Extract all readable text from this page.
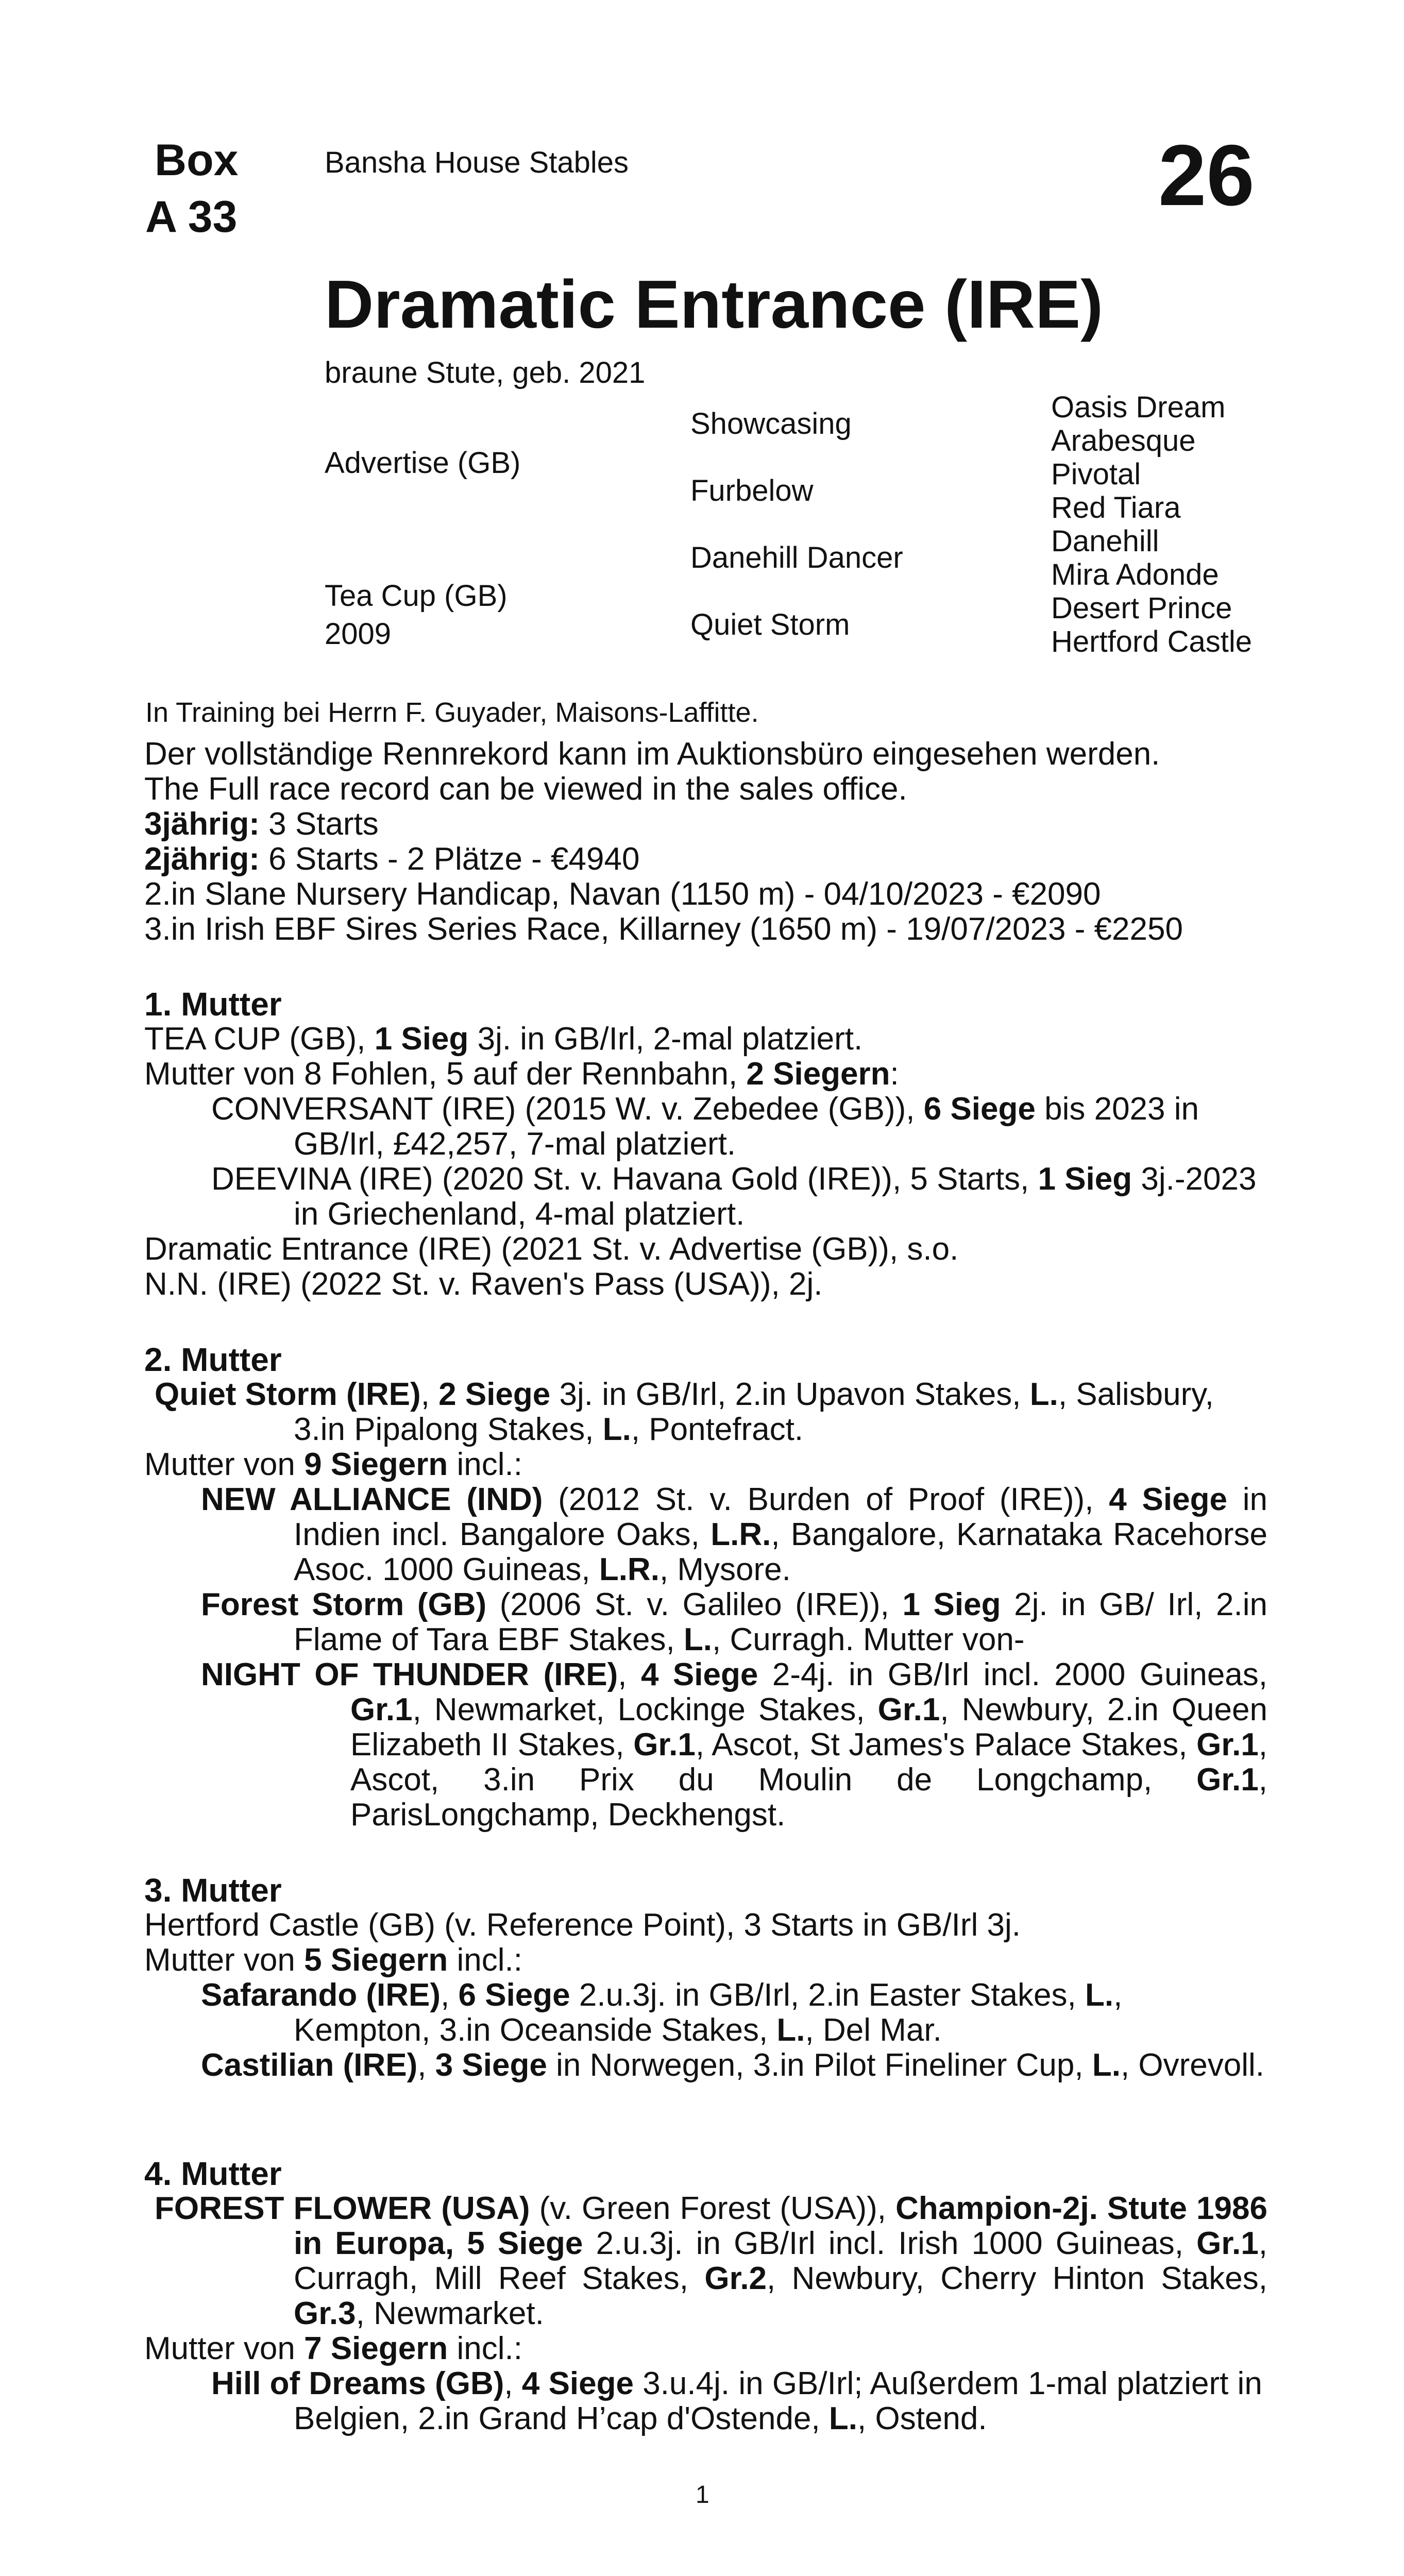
Box
A 33
Bansha House Stables	26
Dramatic Entrance (IRE)
braune Stute, geb. 2021
Advertise (GB)
Tea Cup (GB)
2009
Showcasing
Furbelow
Danehill Dancer
Quiet Storm
Oasis Dream
Arabesque
Pivotal
Red Tiara
Danehill
Mira Adonde
Desert Prince
Hertford Castle
In Training bei Herrn F. Guyader, Maisons-Laffitte.

Der vollständige Rennrekord kann im Auktionsbüro eingesehen werden.

The Full race record can be viewed in the sales office.

3jährig: 3 Starts

2jährig: 6 Starts - 2 Plätze - €4940

2.in Slane Nursery Handicap, Navan (1150 m) - 04/10/2023 - €2090

3.in Irish EBF Sires Series Race, Killarney (1650 m) - 19/07/2023 - €2250

1. Mutter

TEA CUP (GB), 1 Sieg 3j. in GB/Irl, 2-mal platziert.

Mutter von 8 Fohlen, 5 auf der Rennbahn, 2 Siegern:

CONVERSANT (IRE) (2015 W. v. Zebedee (GB)), 6 Siege bis 2023 in GB/Irl, £42,257, 7-mal platziert.

DEEVINA (IRE) (2020 St. v. Havana Gold (IRE)), 5 Starts, 1 Sieg 3j.-2023 in Griechenland, 4-mal platziert.

Dramatic Entrance (IRE) (2021 St. v. Advertise (GB)), s.o.

N.N. (IRE) (2022 St. v. Raven's Pass (USA)), 2j.

2. Mutter

Quiet Storm (IRE), 2 Siege 3j. in GB/Irl, 2.in Upavon Stakes, L., Salisbury, 3.in Pipalong Stakes, L., Pontefract.

Mutter von 9 Siegern incl.:

NEW ALLIANCE (IND) (2012 St. v. Burden of Proof (IRE)), 4 Siege in Indien incl. Bangalore Oaks, L.R., Bangalore, Karnataka Racehorse Asoc. 1000 Guineas, L.R., Mysore.

Forest Storm (GB) (2006 St. v. Galileo (IRE)), 1 Sieg 2j. in GB/ Irl, 2.in Flame of Tara EBF Stakes, L., Curragh. Mutter von-

NIGHT OF THUNDER (IRE), 4 Siege 2-4j. in GB/Irl incl. 2000 Guineas, Gr.1, Newmarket, Lockinge Stakes, Gr.1, Newbury, 2.in Queen Elizabeth II Stakes, Gr.1, Ascot, St James's Palace Stakes, Gr.1, Ascot, 3.in Prix du Moulin de Longchamp, Gr.1, ParisLongchamp, Deckhengst.

3. Mutter

Hertford Castle (GB) (v. Reference Point), 3 Starts in GB/Irl 3j.

Mutter von 5 Siegern incl.:

Safarando (IRE), 6 Siege 2.u.3j. in GB/Irl, 2.in Easter Stakes, L., Kempton, 3.in Oceanside Stakes, L., Del Mar.

Castilian (IRE), 3 Siege in Norwegen, 3.in Pilot Fineliner Cup, L., Ovrevoll.

4. Mutter

FOREST FLOWER (USA) (v. Green Forest (USA)), Champion-2j. Stute 1986 in Europa, 5 Siege 2.u.3j. in GB/Irl incl. Irish 1000 Guineas, Gr.1, Curragh, Mill Reef Stakes, Gr.2, Newbury, Cherry Hinton Stakes, Gr.3, Newmarket.

Mutter von 7 Siegern incl.:

Hill of Dreams (GB), 4 Siege 3.u.4j. in GB/Irl; Außerdem 1-mal platziert in Belgien, 2.in Grand H’cap d'Ostende, L., Ostend.

1
